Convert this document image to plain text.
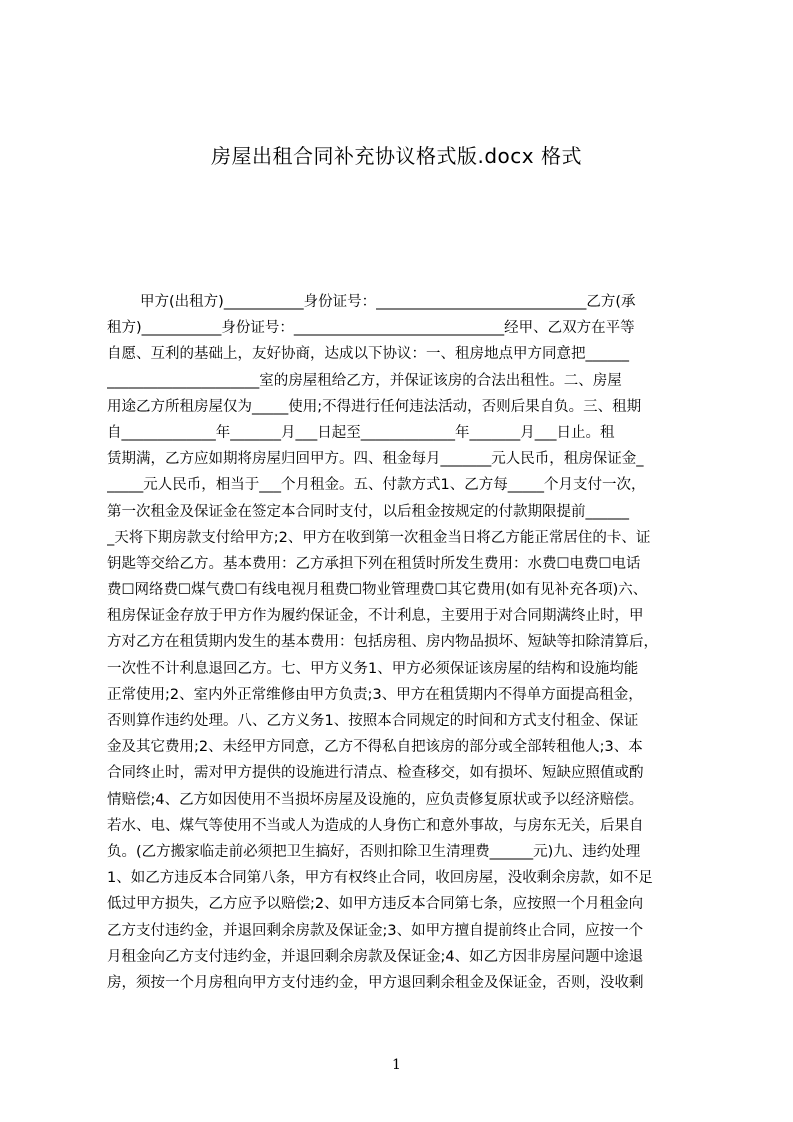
房屋出租合同补充协议格式版.docx 格式
甲方(出租方)___________身份证号：_____________________________乙方(承
租方)___________身份证号：_____________________________经甲、乙双方在平等
自愿、互利的基础上，友好协商，达成以下协议：一、租房地点甲方同意把______
_____________________室的房屋租给乙方，并保证该房的合法出租性。二、房屋
用途乙方所租房屋仅为_____使用;不得进行任何违法活动，否则后果自负。三、租期
自_____________年_______月___日起至_____________年_______月___日止。租
赁期满，乙方应如期将房屋归回甲方。四、租金每月_______元人民币，租房保证金_
_____元人民币，相当于___个月租金。五、付款方式1、乙方每_____个月支付一次，
第一次租金及保证金在签定本合同时支付，以后租金按规定的付款期限提前______
_天将下期房款支付给甲方;2、甲方在收到第一次租金当日将乙方能正常居住的卡、证
钥匙等交给乙方。基本费用：乙方承担下列在租赁时所发生费用：水费☐电费☐电话
费☐网络费☐煤气费☐有线电视月租费☐物业管理费☐其它费用(如有见补充各项)六、
租房保证金存放于甲方作为履约保证金，不计利息，主要用于对合同期满终止时，甲
方对乙方在租赁期内发生的基本费用：包括房租、房内物品损坏、短缺等扣除清算后，
一次性不计利息退回乙方。七、甲方义务1、甲方必须保证该房屋的结构和设施均能
正常使用;2、室内外正常维修由甲方负责;3、甲方在租赁期内不得单方面提高租金，
否则算作违约处理。八、乙方义务1、按照本合同规定的时间和方式支付租金、保证
金及其它费用;2、未经甲方同意，乙方不得私自把该房的部分或全部转租他人;3、本
合同终止时，需对甲方提供的设施进行清点、检查移交，如有损坏、短缺应照值或酌
情赔偿;4、乙方如因使用不当损坏房屋及设施的，应负责修复原状或予以经济赔偿。
若水、电、煤气等使用不当或人为造成的人身伤亡和意外事故，与房东无关，后果自
负。(乙方搬家临走前必须把卫生搞好，否则扣除卫生清理费______元)九、违约处理
1、如乙方违反本合同第八条，甲方有权终止合同，收回房屋，没收剩余房款，如不足
低过甲方损失，乙方应予以赔偿;2、如甲方违反本合同第七条，应按照一个月租金向
乙方支付违约金，并退回剩余房款及保证金;3、如甲方擅自提前终止合同，应按一个
月租金向乙方支付违约金，并退回剩余房款及保证金;4、如乙方因非房屋问题中途退
房，须按一个月房租向甲方支付违约金，甲方退回剩余租金及保证金，否则，没收剩
1
